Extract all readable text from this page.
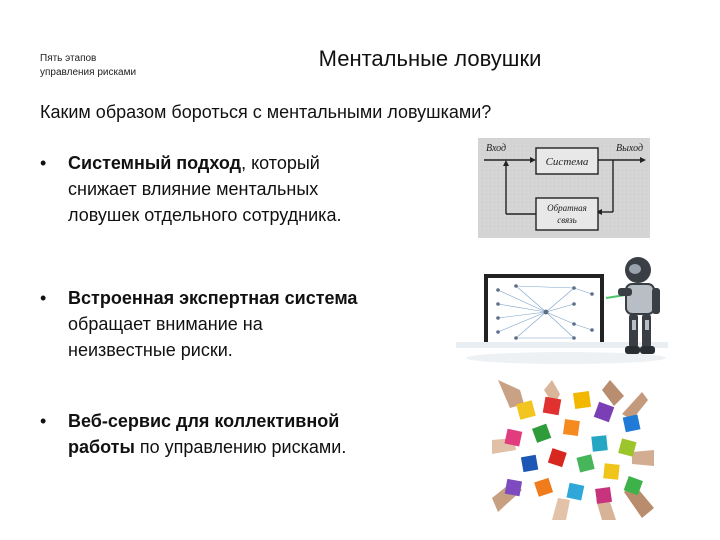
Пять этапов
управления рисками
Ментальные ловушки
Каким образом бороться с ментальными ловушками?
• Системный подход, который
снижает влияние ментальных
ловушек отдельного сотрудника.
• Встроенная экспертная система
обращает внимание на
неизвестные риски.
• Веб-сервис для коллективной
работы по управлению рисками.
Вход	Выход
Система
Обратная
связь
